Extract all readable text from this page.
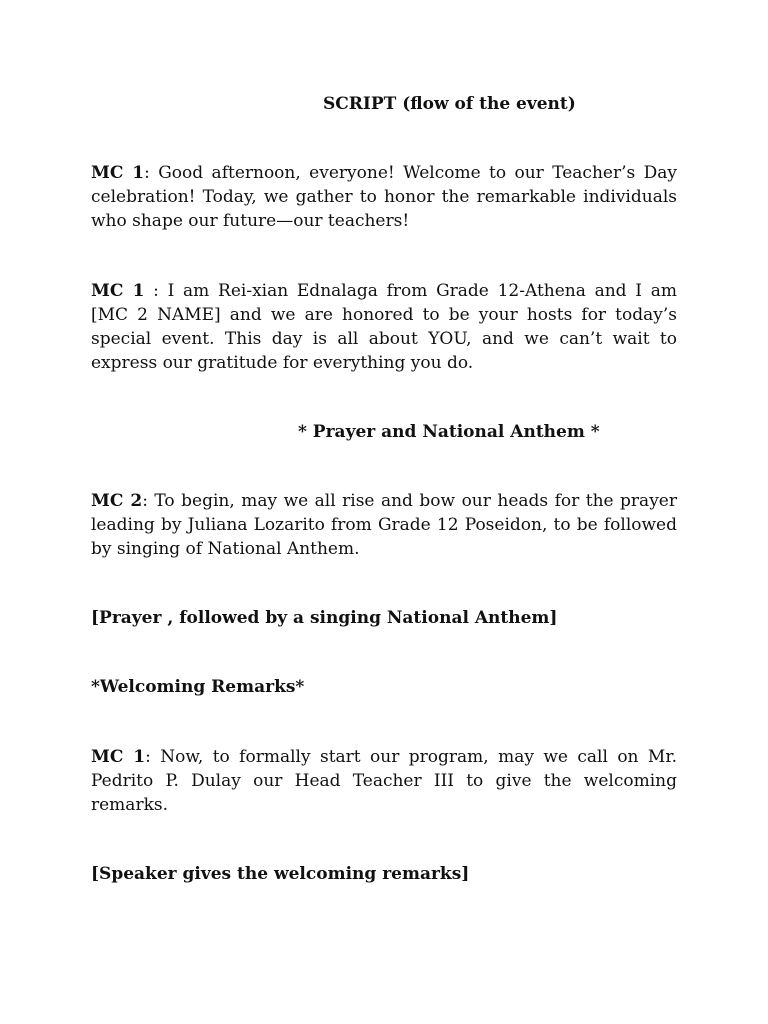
SCRIPT (flow of the event)

MC 1: Good afternoon, everyone! Welcome to our Teacher’s Day celebration! Today, we gather to honor the remarkable individuals who shape our future—our teachers!

MC 1 : I am Rei-xian Ednalaga from Grade 12-Athena and I am [MC 2 NAME] and we are honored to be your hosts for today’s special event. This day is all about YOU, and we can’t wait to express our gratitude for everything you do.

* Prayer and National Anthem *

MC 2: To begin, may we all rise and bow our heads for the prayer leading by Juliana Lozarito from Grade 12 Poseidon, to be followed by singing of National Anthem.

[Prayer , followed by a singing National Anthem]
*Welcoming Remarks*

MC 1: Now, to formally start our program, may we call on Mr. Pedrito P. Dulay our Head Teacher III to give the welcoming remarks.

[Speaker gives the welcoming remarks]
